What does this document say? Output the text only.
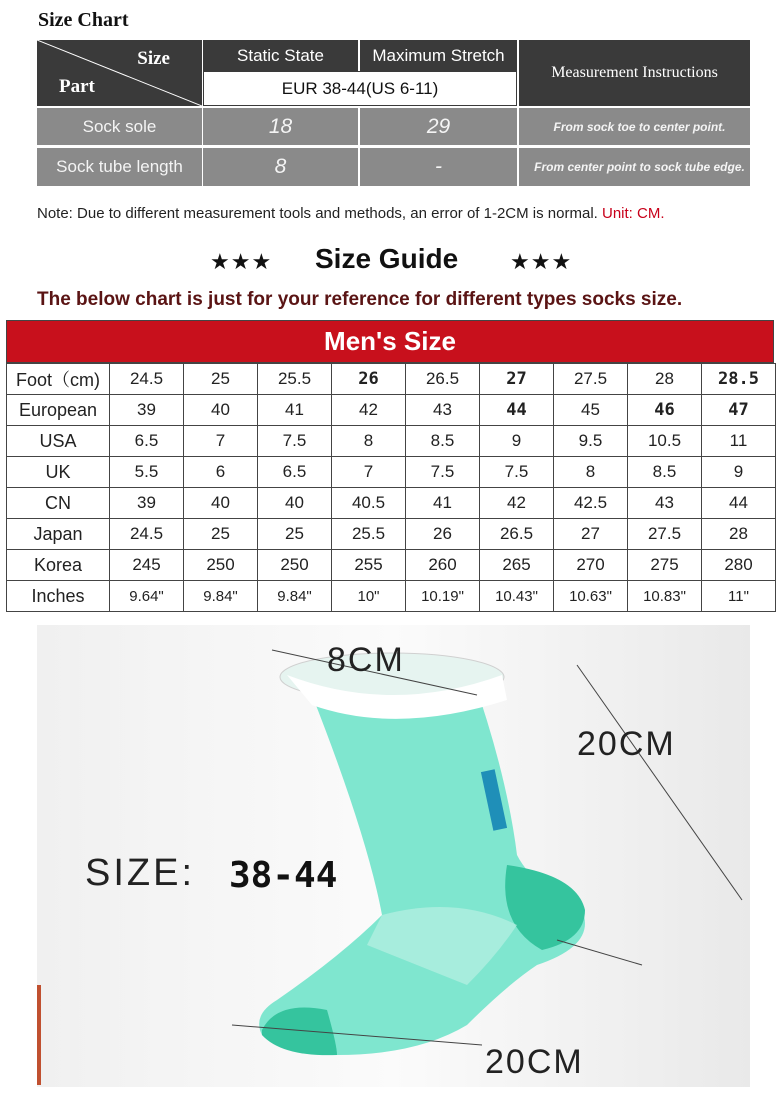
Size Chart
Size
Part
Static State	Maximum Stretch
EUR 38-44(US 6-11)
Measurement Instructions
Sock sole	18	29	From sock toe to center point.
Sock tube length	8	-	From center point to sock tube edge.
Note: Due to different measurement tools and methods, an error of 1-2CM is normal. Unit: CM.
★★★ Size Guide ★★★
The below chart is just for your reference for different types socks size.
Men's Size
Foot（cm)	24.5	25	25.5	26	26.5	27	27.5	28	28.5
European	39	40	41	42	43	44	45	46	47
USA	6.5	7	7.5	8	8.5	9	9.5	10.5	11
UK	5.5	6	6.5	7	7.5	7.5	8	8.5	9
CN	39	40	40	40.5	41	42	42.5	43	44
Japan	24.5	25	25	25.5	26	26.5	27	27.5	28
Korea	245	250	250	255	260	265	270	275	280
Inches	9.64"	9.84"	9.84"	10"	10.19"	10.43"	10.63"	10.83"	11"
8CM
20CM
SIZE: 38-44
20CM
